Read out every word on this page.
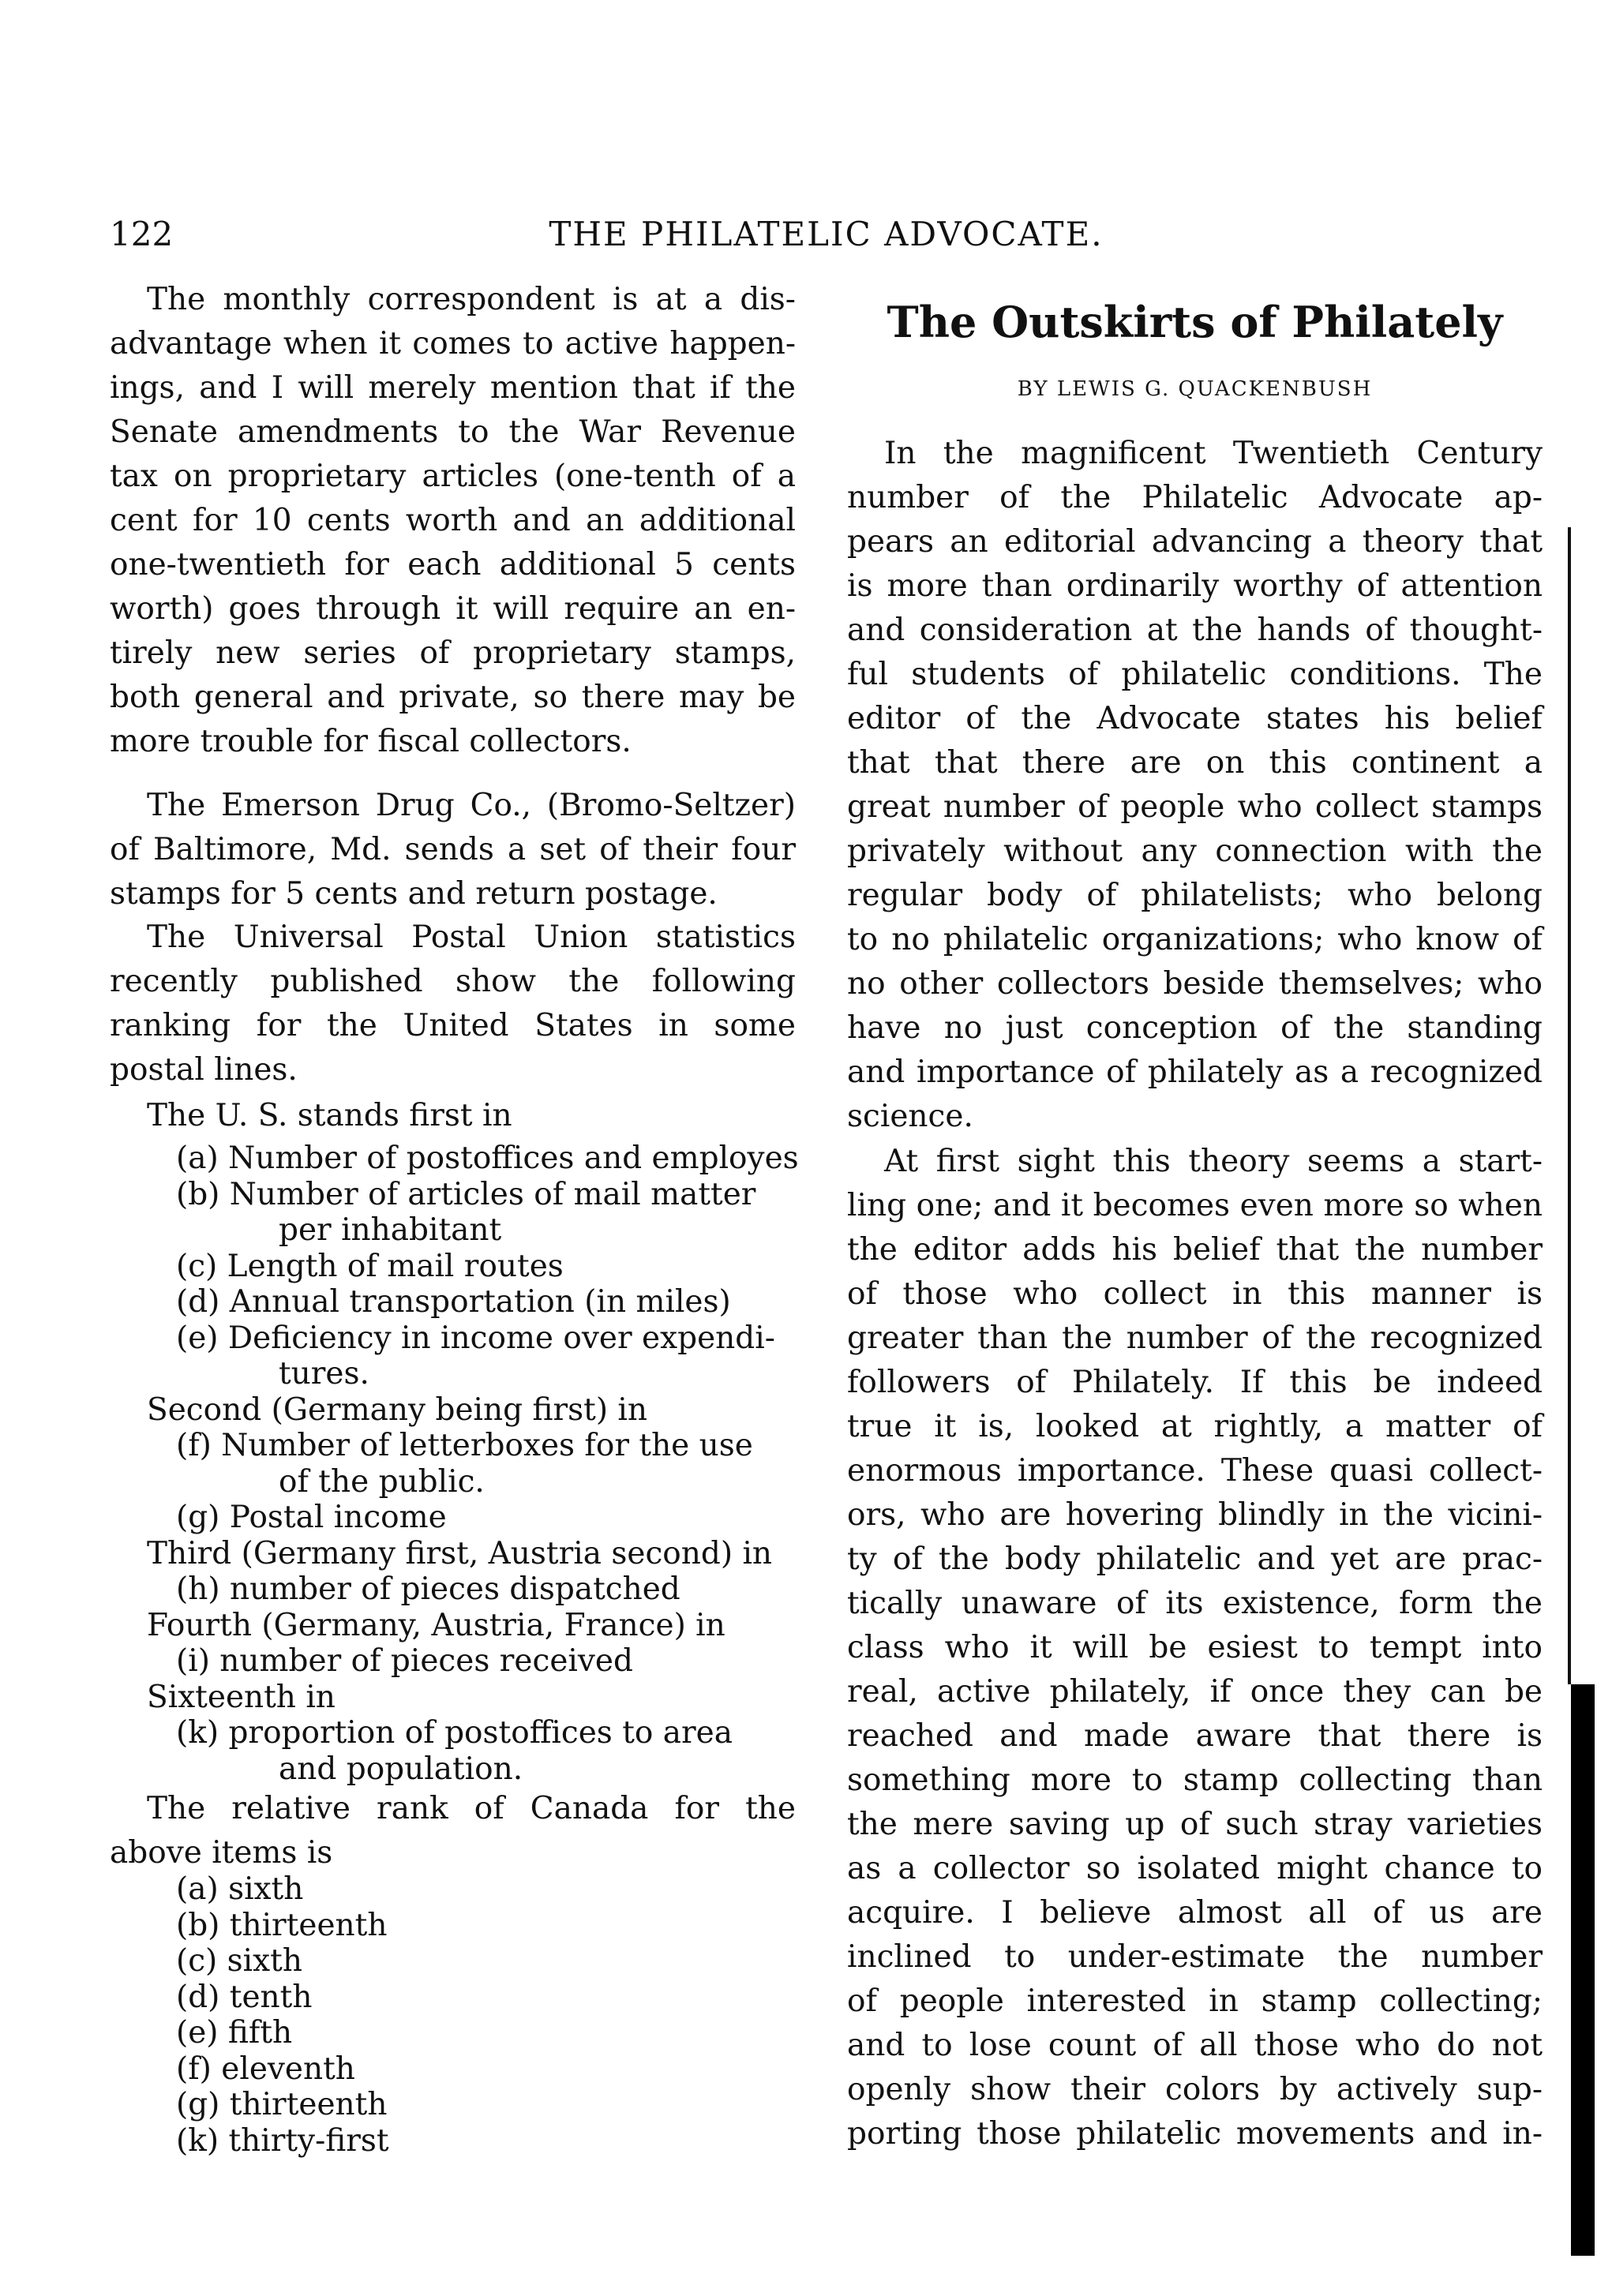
122	THE PHILATELIC ADVOCATE.
The monthly correspondent is at a dis-
advantage when it comes to active happen-
ings, and I will merely mention that if the
Senate amendments to the War Revenue
tax on proprietary articles (one-tenth of a
cent for 10 cents worth and an additional
one-twentieth for each additional 5 cents
worth) goes through it will require an en-
tirely new series of proprietary stamps,
both general and private, so there may be
more trouble for fiscal collectors.
The Emerson Drug Co., (Bromo-Seltzer)
of Baltimore, Md. sends a set of their four
stamps for 5 cents and return postage.
The Universal Postal Union statistics
recently published show the following
ranking for the United States in some
postal lines.
The U. S. stands first in
(a) Number of postoffices and employes
(b) Number of articles of mail matter
per inhabitant
(c) Length of mail routes
(d) Annual transportation (in miles)
(e) Deficiency in income over expendi-
tures.
Second (Germany being first) in
(f) Number of letterboxes for the use
of the public.
(g) Postal income
Third (Germany first, Austria second) in
(h) number of pieces dispatched
Fourth (Germany, Austria, France) in
(i) number of pieces received
Sixteenth in
(k) proportion of postoffices to area
and population.
The relative rank of Canada for the
above items is
(a) sixth
(b) thirteenth
(c) sixth
(d) tenth
(e) fifth
(f) eleventh
(g) thirteenth
(k) thirty-first
The Outskirts of Philately
BY LEWIS G. QUACKENBUSH
In the magnificent Twentieth Century
number of the Philatelic Advocate ap-
pears an editorial advancing a theory that
is more than ordinarily worthy of attention
and consideration at the hands of thought-
ful students of philatelic conditions. The
editor of the Advocate states his belief
that that there are on this continent a
great number of people who collect stamps
privately without any connection with the
regular body of philatelists; who belong
to no philatelic organizations; who know of
no other collectors beside themselves; who
have no just conception of the standing
and importance of philately as a recognized
science.
At first sight this theory seems a start-
ling one; and it becomes even more so when
the editor adds his belief that the number
of those who collect in this manner is
greater than the number of the recognized
followers of Philately. If this be indeed
true it is, looked at rightly, a matter of
enormous importance. These quasi collect-
ors, who are hovering blindly in the vicini-
ty of the body philatelic and yet are prac-
tically unaware of its existence, form the
class who it will be esiest to tempt into
real, active philately, if once they can be
reached and made aware that there is
something more to stamp collecting than
the mere saving up of such stray varieties
as a collector so isolated might chance to
acquire. I believe almost all of us are
inclined to under-estimate the number
of people interested in stamp collecting;
and to lose count of all those who do not
openly show their colors by actively sup-
porting those philatelic movements and in-
